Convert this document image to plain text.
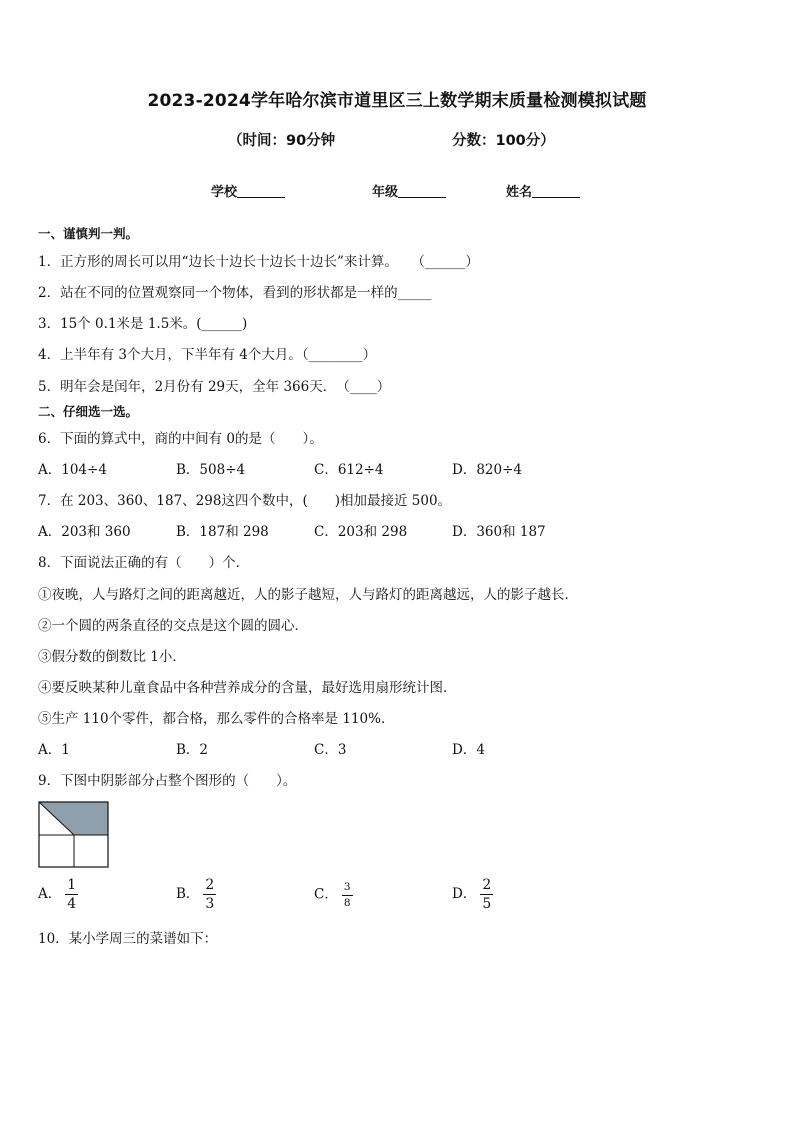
2023-2024学年哈尔滨市道里区三上数学期末质量检测模拟试题
（时间：90分钟	分数：100分）
学校	年级	姓名
一、谨慎判一判。
1．正方形的周长可以用“边长十边长十边长十边长”来计算。　　（______）
2．站在不同的位置观察同一个物体，看到的形状都是一样的_____
3．15个 0.1米是 1.5米。(______)
4．上半年有 3个大月，下半年有 4个大月。（________）
5．明年会是闰年，2月份有 29天，全年 366天．　（____）
二、仔细选一选。
6．下面的算式中，商的中间有 0的是（　　）。
A．104÷4	B．508÷4	C．612÷4	D．820÷4
7．在 203、360、187、298这四个数中，(　　)相加最接近 500。
A．203和 360	B．187和 298	C．203和 298	D．360和 187
8．下面说法正确的有（　　）个．
①夜晚，人与路灯之间的距离越近，人的影子越短，人与路灯的距离越远，人的影子越长．
②一个圆的两条直径的交点是这个圆的圆心．
③假分数的倒数比 1小．
④要反映某种儿童食品中各种营养成分的含量，最好选用扇形统计图．
⑤生产 110个零件，都合格，那么零件的合格率是 110%．
A．1	B．2	C．3	D．4
9．下图中阴影部分占整个图形的（　　）。
A． $\frac{1}{4}$	B． $\frac{2}{3}$	C． $\frac{3}{8}$	D． $\frac{2}{5}$
10．某小学周三的菜谱如下：
